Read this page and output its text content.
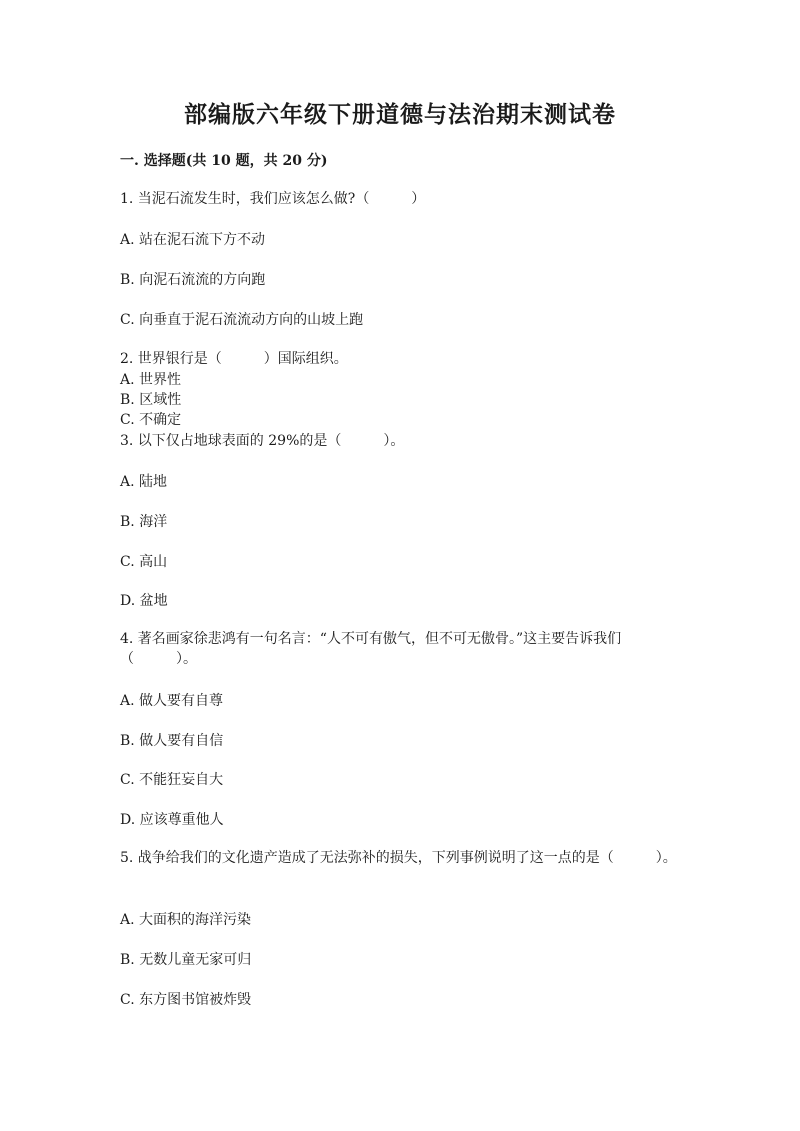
部编版六年级下册道德与法治期末测试卷
一. 选择题(共 10 题，共 20 分)
1. 当泥石流发生时，我们应该怎么做?（　　　）
A. 站在泥石流下方不动
B. 向泥石流流的方向跑
C. 向垂直于泥石流流动方向的山坡上跑
2. 世界银行是（　　　）国际组织。
A. 世界性
B. 区域性
C. 不确定
3. 以下仅占地球表面的 29%的是（　　　）。
A. 陆地
B. 海洋
C. 高山
D. 盆地
4. 著名画家徐悲鸿有一句名言：“人不可有傲气，但不可无傲骨。”这主要告诉我们（　　　）。
A. 做人要有自尊
B. 做人要有自信
C. 不能狂妄自大
D. 应该尊重他人
5. 战争给我们的文化遗产造成了无法弥补的损失，下列事例说明了这一点的是（　　　）。
A. 大面积的海洋污染
B. 无数儿童无家可归
C. 东方图书馆被炸毁
